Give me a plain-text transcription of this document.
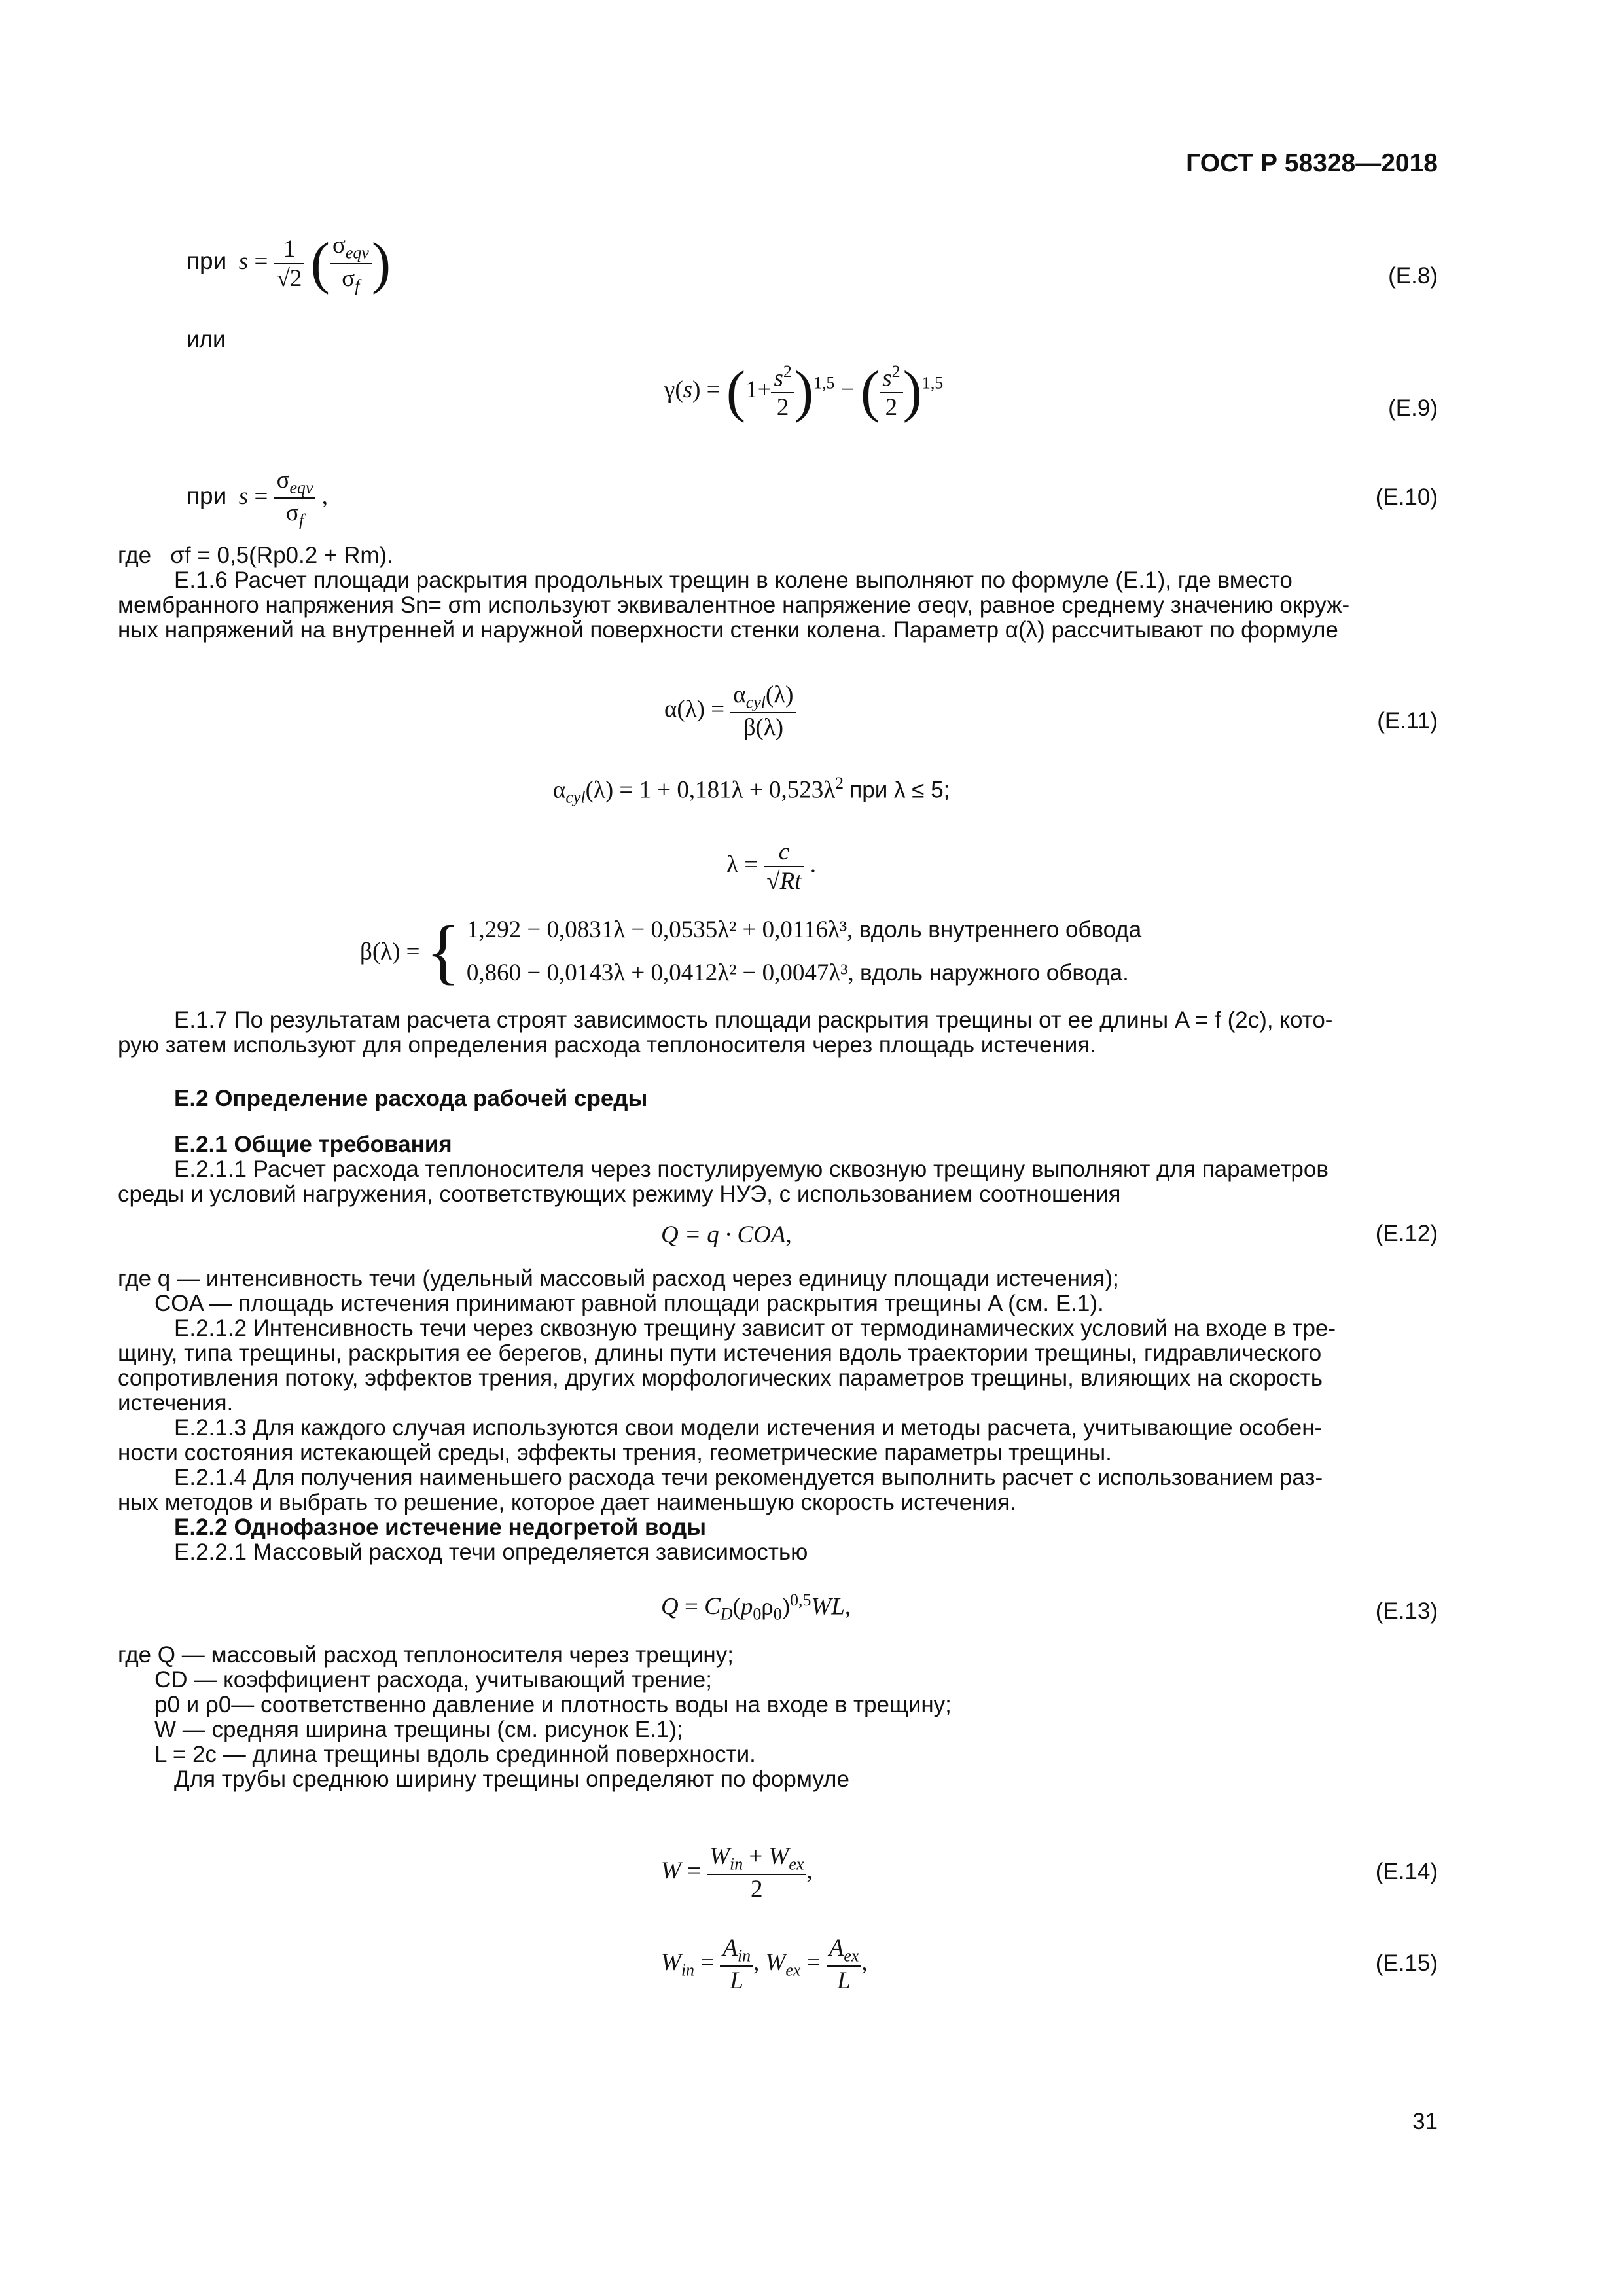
ГОСТ Р 58328—2018
при  $s = \frac{1}{√2}$ ( $\frac{\sigma_{eqv}}{\sigma_f}$ )	(Е.8)
или
$\gamma(s) = (1+ \frac{s^2}{2} )^{1,5}$ − ( $\frac{s^2}{2} )^{1,5}$
(Е.9)
при  $s = \frac{\sigma_{eqv}}{\sigma_f}$ ,	(Е.10)
где σf = 0,5(Rp0.2 + Rm).
Е.1.6 Расчет площади раскрытия продольных трещин в колене выполняют по формуле (Е.1), где вместо
мембранного напряжения Sn= σm используют эквивалентное напряжение σeqv, равное среднему значению окруж-
ных напряжений на внутренней и наружной поверхности стенки колена. Параметр α(λ) рассчитывают по формуле
$\alpha(\lambda) = \frac{\alpha_{cyl}(\lambda)}{\beta(\lambda)}$	(Е.11)
$\alpha_{cyl}(\lambda) = 1 + 0,181\lambda + 0,523\lambda^2$ при λ ≤ 5;
$\lambda = \frac{c}{√Rt}$ .
β(λ) = { 1,292 − 0,0831λ − 0,0535λ² + 0,0116λ³, вдоль внутреннего обвода
0,860 − 0,0143λ + 0,0412λ² − 0,0047λ³, вдоль наружного обвода.
Е.1.7 По результатам расчета строят зависимость площади раскрытия трещины от ее длины A = f (2c), кото-
рую затем используют для определения расхода теплоносителя через площадь истечения.
Е.2 Определение расхода рабочей среды
Е.2.1 Общие требования
Е.2.1.1 Расчет расхода теплоносителя через постулируемую сквозную трещину выполняют для параметров
среды и условий нагружения, соответствующих режиму НУЭ, с использованием соотношения
Q = q · COA,	(Е.12)
где q — интенсивность течи (удельный массовый расход через единицу площади истечения);
COA — площадь истечения принимают равной площади раскрытия трещины A (см. Е.1).
Е.2.1.2 Интенсивность течи через сквозную трещину зависит от термодинамических условий на входе в тре-
щину, типа трещины, раскрытия ее берегов, длины пути истечения вдоль траектории трещины, гидравлического
сопротивления потоку, эффектов трения, других морфологических параметров трещины, влияющих на скорость
истечения.
Е.2.1.3 Для каждого случая используются свои модели истечения и методы расчета, учитывающие особен-
ности состояния истекающей среды, эффекты трения, геометрические параметры трещины.
Е.2.1.4 Для получения наименьшего расхода течи рекомендуется выполнить расчет с использованием раз-
ных методов и выбрать то решение, которое дает наименьшую скорость истечения.
Е.2.2 Однофазное истечение недогретой воды
Е.2.2.1 Массовый расход течи определяется зависимостью
$Q = C_D(p_0\rho_0)^{0,5}WL$,	(Е.13)
где Q — массовый расход теплоносителя через трещину;
CD — коэффициент расхода, учитывающий трение;
p0 и ρ0— соответственно давление и плотность воды на входе в трещину;
W — средняя ширина трещины (см. рисунок Е.1);
L = 2c — длина трещины вдоль срединной поверхности.
Для трубы среднюю ширину трещины определяют по формуле
$W = \frac{W_{in} + W_{ex}}{2}$ ,	(Е.14)
$W_{in} = \frac{A_{in}}{L}$ , $W_{ex} = \frac{A_{ex}}{L}$ ,	(Е.15)
31
